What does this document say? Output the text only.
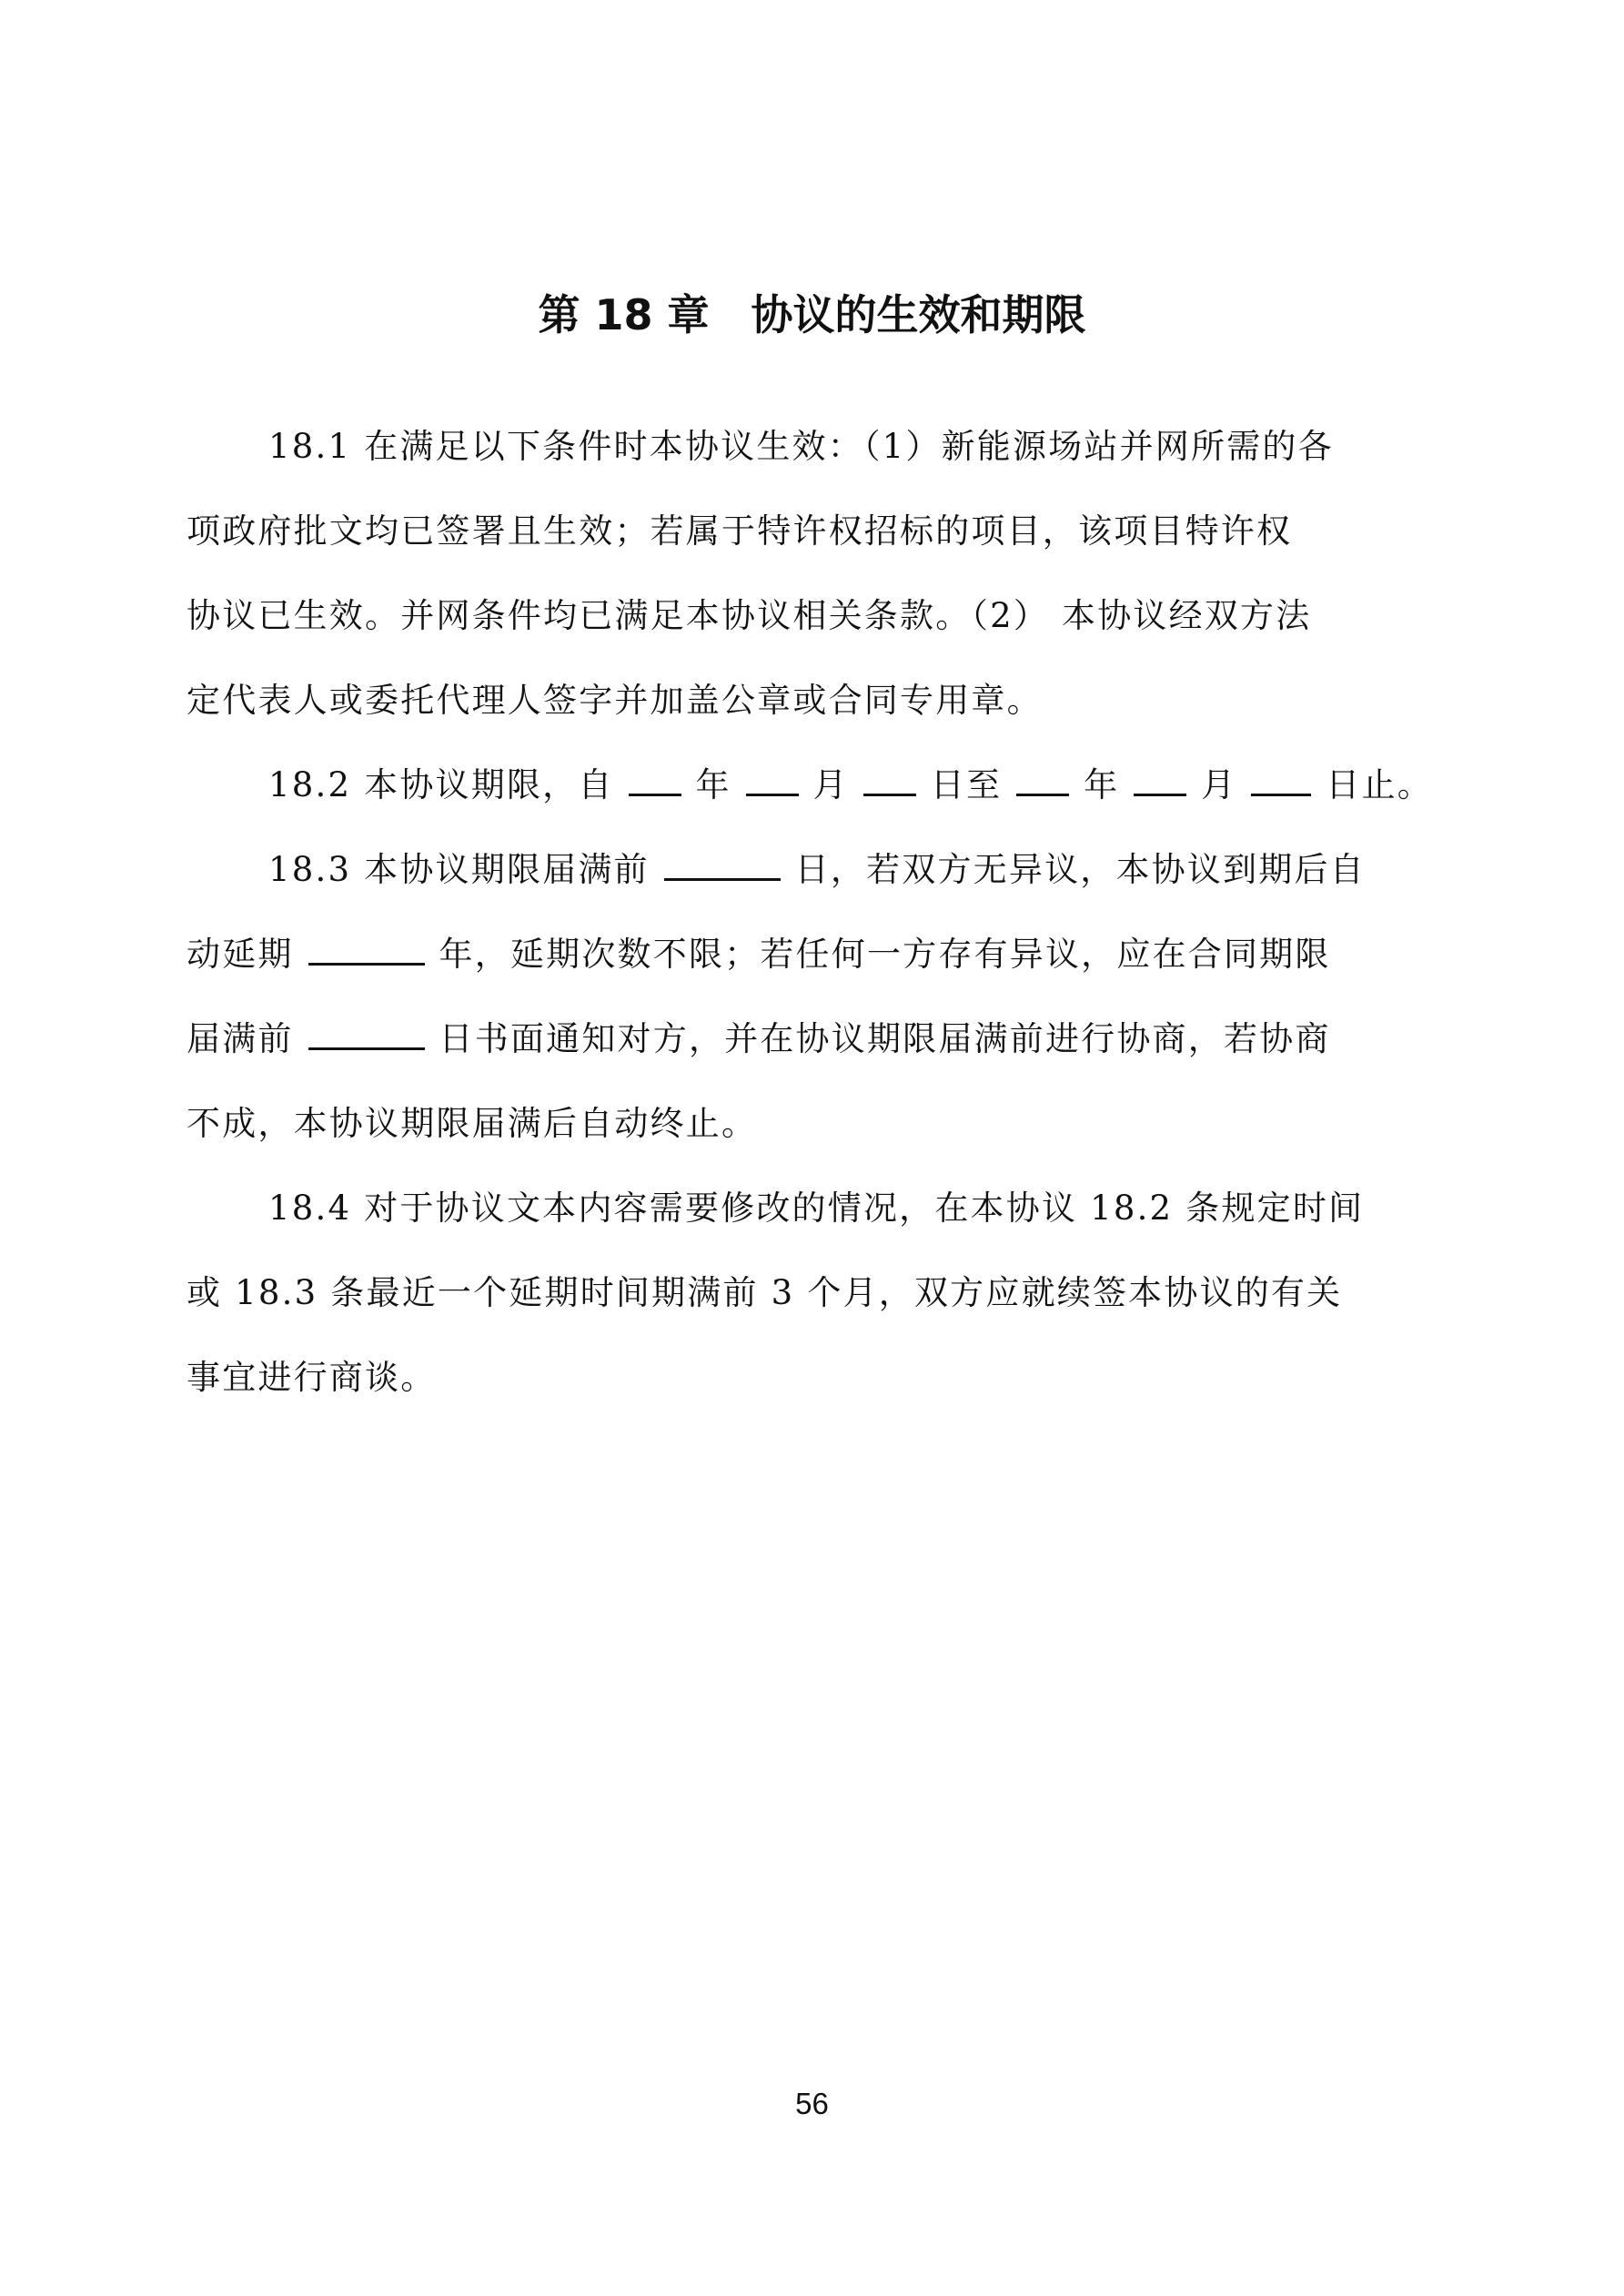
第 18 章　协议的生效和期限
18.1 在满足以下条件时本协议生效：（1）新能源场站并网所需的各
项政府批文均已签署且生效；若属于特许权招标的项目，该项目特许权
协议已生效。并网条件均已满足本协议相关条款。（2） 本协议经双方法
定代表人或委托代理人签字并加盖公章或合同专用章。
18.2 本协议期限，自 年 月 日至 年 月	日止。
18.3 本协议期限届满前	日，若双方无异议，本协议到期后自
动延期	年，延期次数不限；若任何一方存有异议，应在合同期限
届满前	日书面通知对方，并在协议期限届满前进行协商，若协商
不成，本协议期限届满后自动终止。
18.4 对于协议文本内容需要修改的情况，在本协议 18.2 条规定时间
或 18.3 条最近一个延期时间期满前 3 个月，双方应就续签本协议的有关
事宜进行商谈。
56
